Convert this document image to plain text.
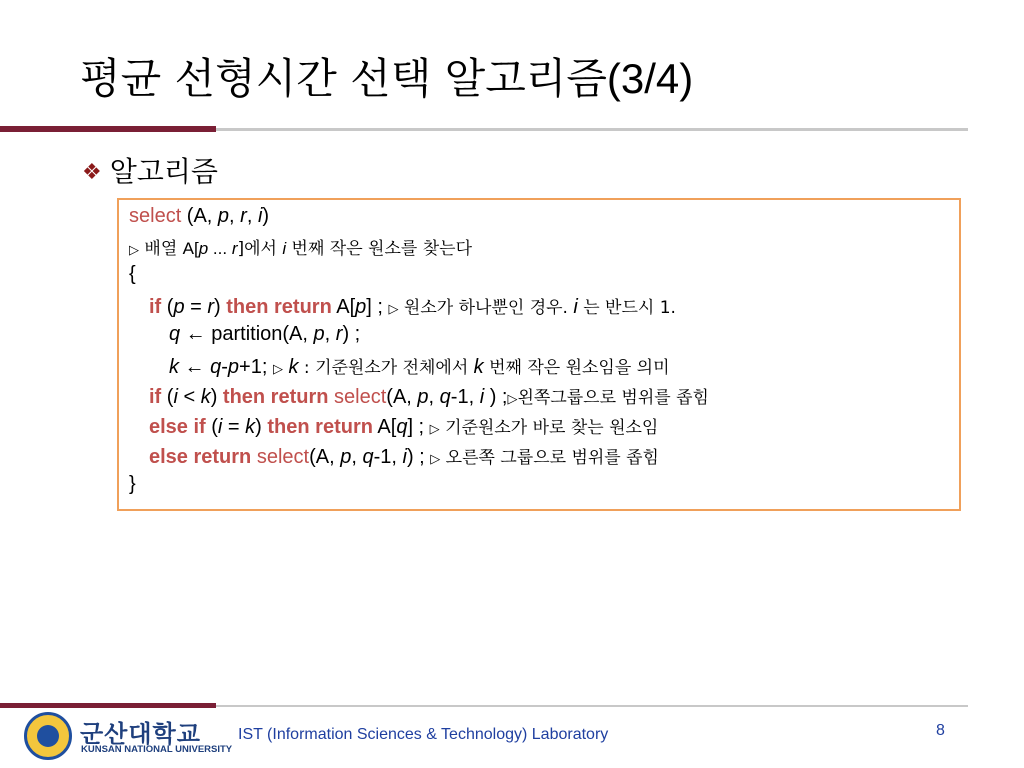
평균 선형시간 선택 알고리즘(3/4)
❖ 알고리즘
select (A, p, r, i)
▷ 배열 A[p ... r]에서 i 번째 작은 원소를 찾는다
{
if (p = r) then return A[p] ; ▷ 원소가 하나뿐인 경우. i 는 반드시 1.
q ← partition(A, p, r) ;
k ← q-p+1; ▷ k : 기준원소가 전체에서 k 번째 작은 원소임을 의미
if (i < k) then return select(A, p, q-1, i ) ;▷왼쪽그룹으로 범위를 좁힘
else if (i = k) then return A[q] ; ▷ 기준원소가 바로 찾는 원소임
else return select(A, p, q-1, i) ; ▷ 오른쪽 그룹으로 범위를 좁힘
}
군산대학교
KUNSAN NATIONAL UNIVERSITY
IST (Information Sciences & Technology) Laboratory	8
